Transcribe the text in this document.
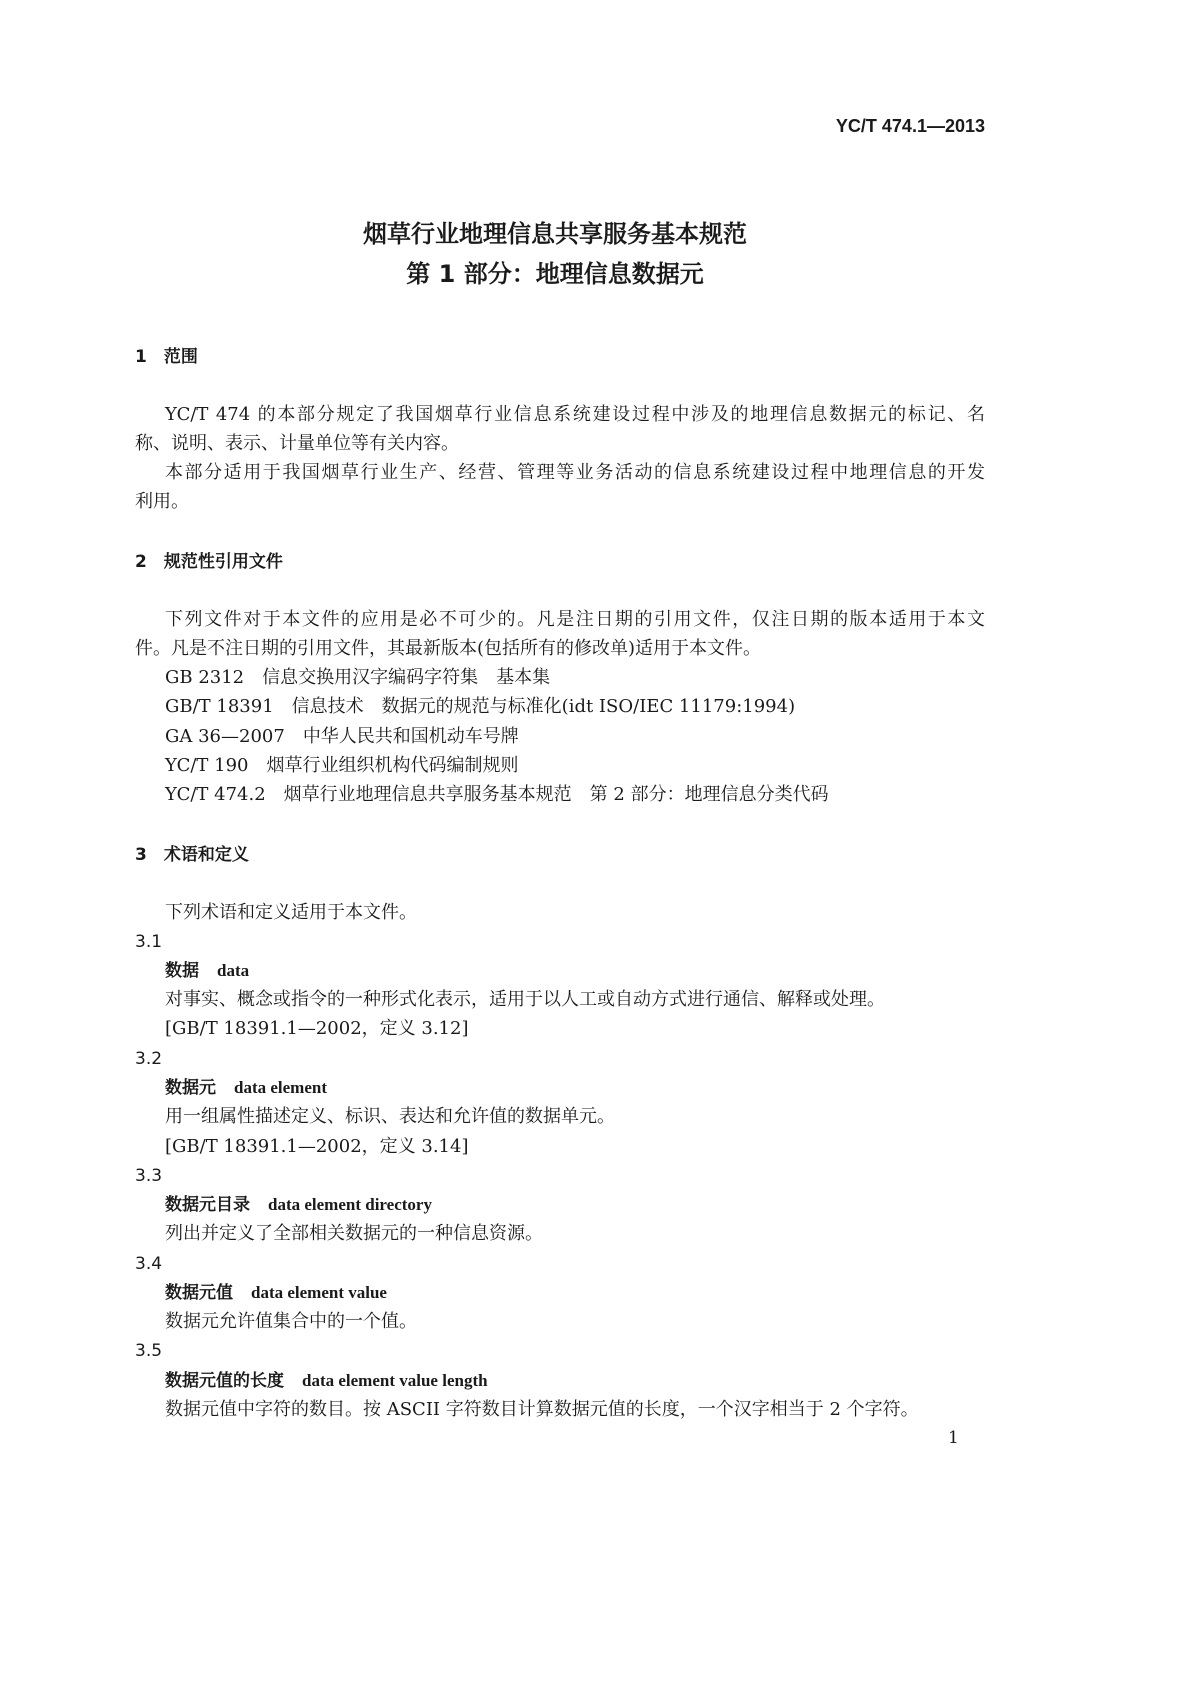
YC/T 474.1—2013
烟草行业地理信息共享服务基本规范
第 1 部分：地理信息数据元
1 范围
YC/T 474 的本部分规定了我国烟草行业信息系统建设过程中涉及的地理信息数据元的标记、名
称、说明、表示、计量单位等有关内容。
本部分适用于我国烟草行业生产、经营、管理等业务活动的信息系统建设过程中地理信息的开发
利用。
2 规范性引用文件
下列文件对于本文件的应用是必不可少的。凡是注日期的引用文件，仅注日期的版本适用于本文
件。凡是不注日期的引用文件，其最新版本(包括所有的修改单)适用于本文件。
GB 2312 信息交换用汉字编码字符集　基本集
GB/T 18391 信息技术　数据元的规范与标准化(idt ISO/IEC 11179:1994)
GA 36—2007 中华人民共和国机动车号牌
YC/T 190 烟草行业组织机构代码编制规则
YC/T 474.2 烟草行业地理信息共享服务基本规范　第 2 部分：地理信息分类代码
3 术语和定义
下列术语和定义适用于本文件。
3.1
数据 data
对事实、概念或指令的一种形式化表示，适用于以人工或自动方式进行通信、解释或处理。
[GB/T 18391.1—2002，定义 3.12]
3.2
数据元 data element
用一组属性描述定义、标识、表达和允许值的数据单元。
[GB/T 18391.1—2002，定义 3.14]
3.3
数据元目录 data element directory
列出并定义了全部相关数据元的一种信息资源。
3.4
数据元值 data element value
数据元允许值集合中的一个值。
3.5
数据元值的长度 data element value length
数据元值中字符的数目。按 ASCII 字符数目计算数据元值的长度，一个汉字相当于 2 个字符。
1
